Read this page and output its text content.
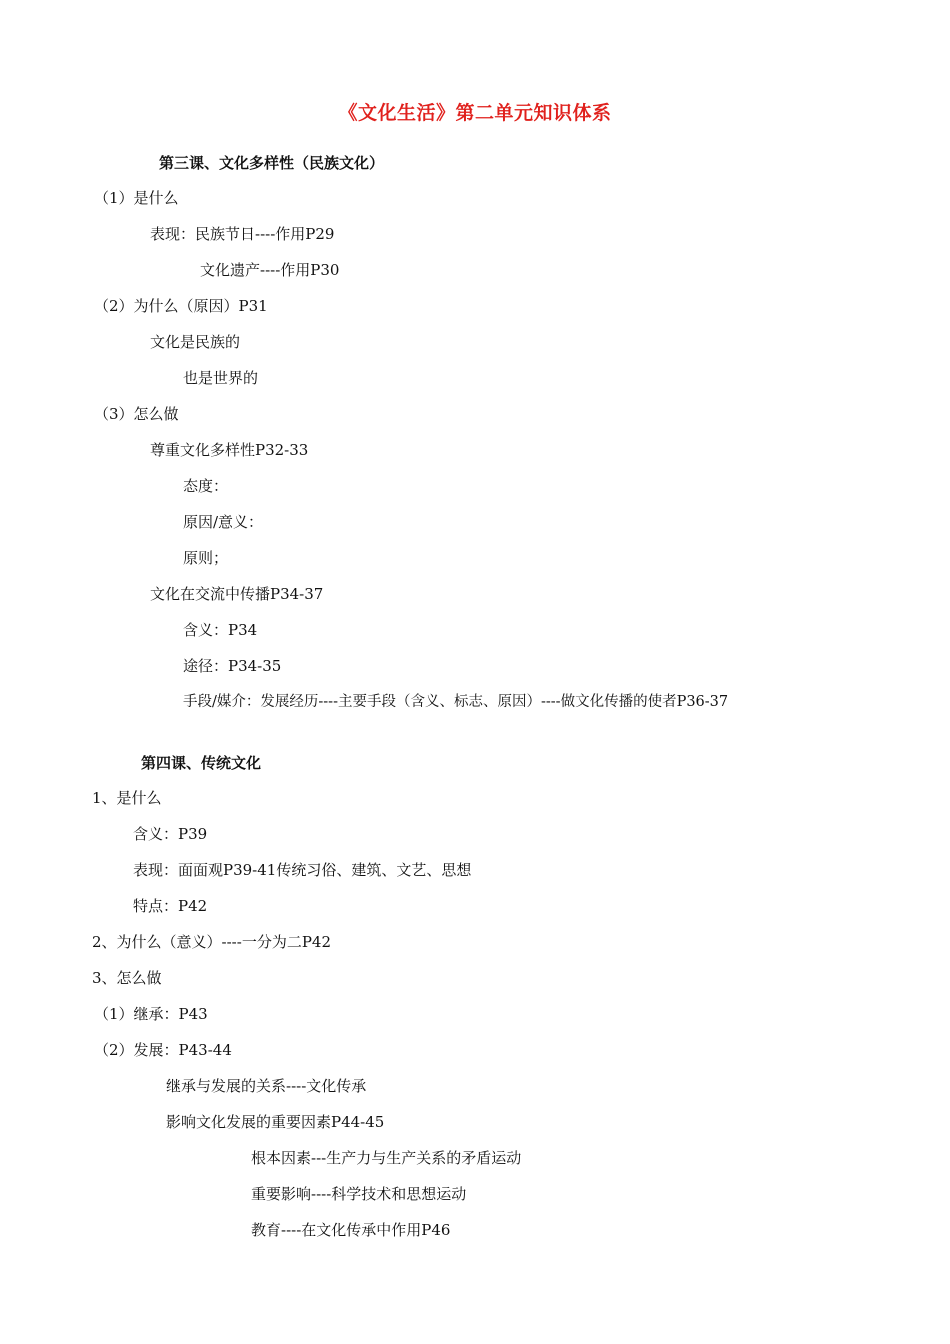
《文化生活》第二单元知识体系
第三课、文化多样性（民族文化）
（1）是什么
表现：民族节日----作用P29
文化遗产----作用P30
（2）为什么（原因）P31
文化是民族的
也是世界的
（3）怎么做
尊重文化多样性P32-33
态度：
原因/意义：
原则；
文化在交流中传播P34-37
含义：P34
途径：P34-35
手段/媒介：发展经历----主要手段（含义、标志、原因）----做文化传播的使者P36-37
第四课、传统文化
1、是什么
含义：P39
表现：面面观P39-41传统习俗、建筑、文艺、思想
特点：P42
2、为什么（意义）----一分为二P42
3、怎么做
（1）继承：P43
（2）发展：P43-44
继承与发展的关系----文化传承
影响文化发展的重要因素P44-45
根本因素---生产力与生产关系的矛盾运动
重要影响----科学技术和思想运动
教育----在文化传承中作用P46
